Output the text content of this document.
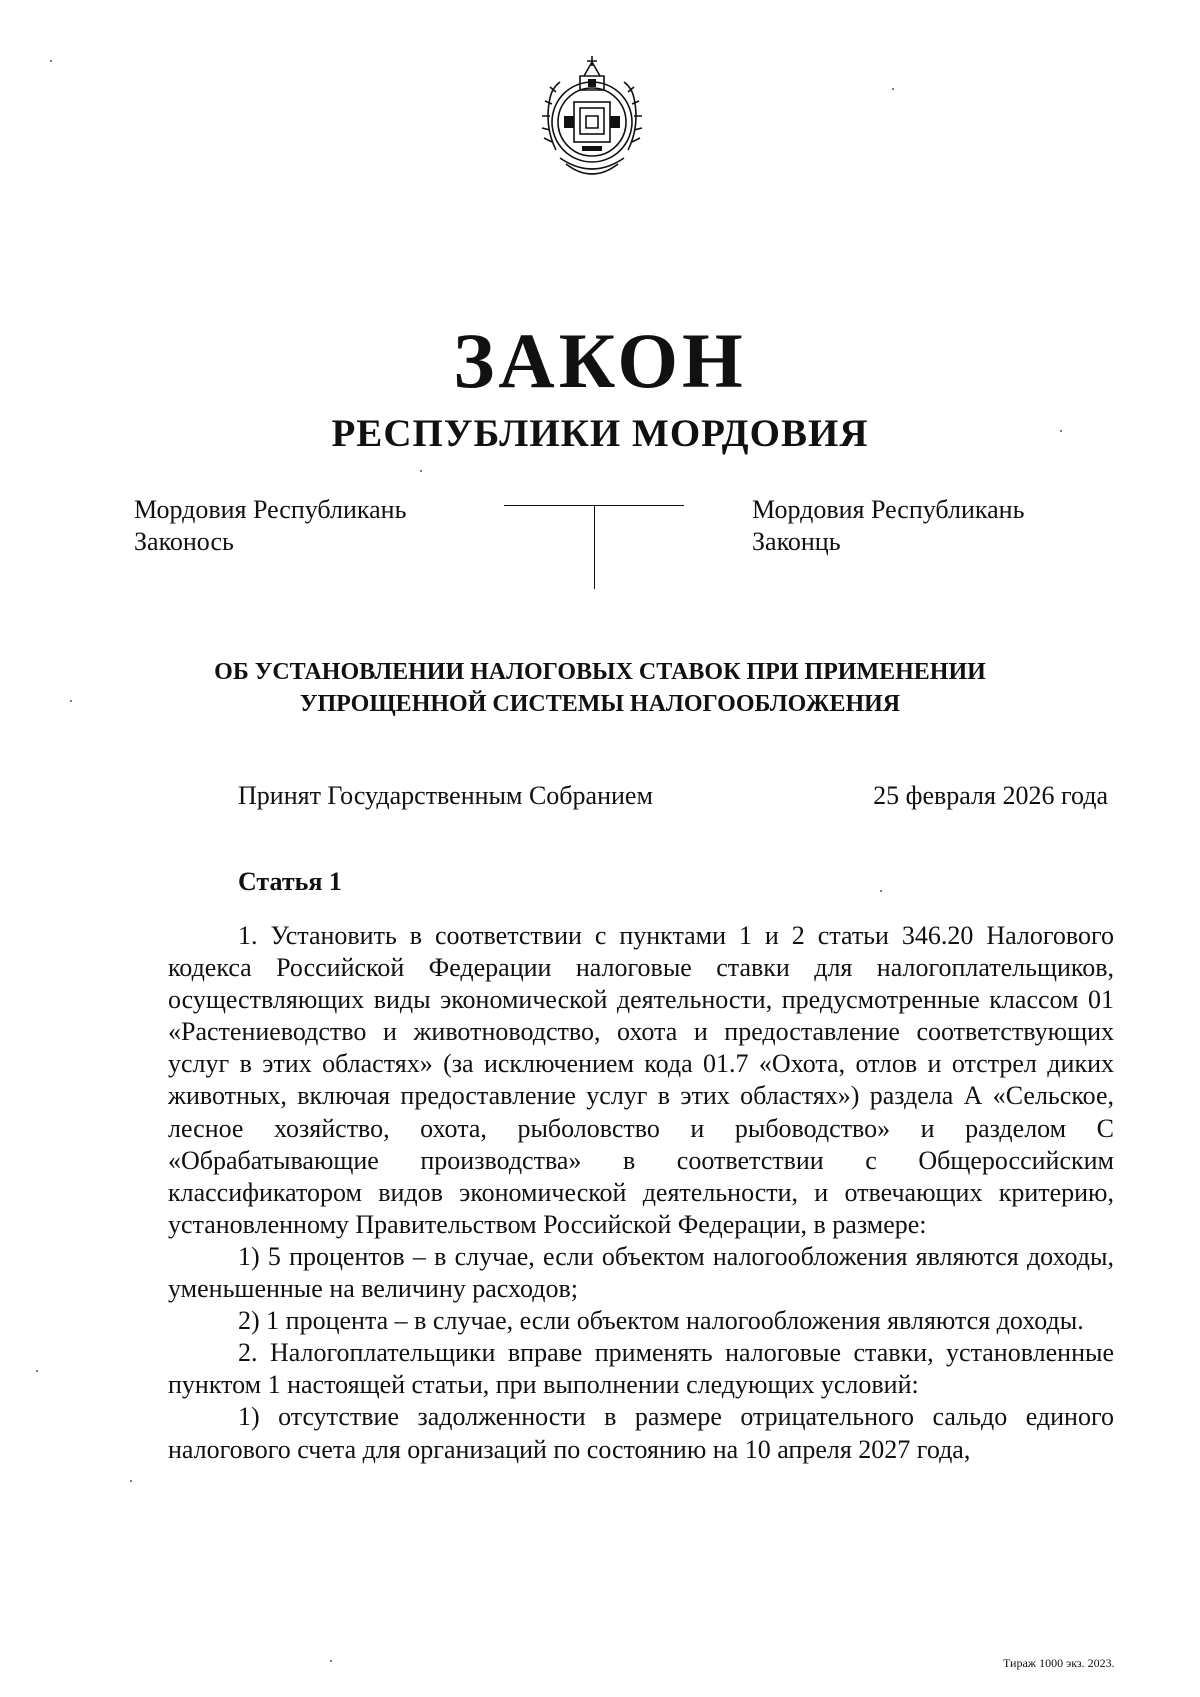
ЗАКОН
РЕСПУБЛИКИ МОРДОВИЯ
Мордовия Республикань
Законось
Мордовия Республикань
Законць
ОБ УСТАНОВЛЕНИИ НАЛОГОВЫХ СТАВОК ПРИ ПРИМЕНЕНИИ
УПРОЩЕННОЙ СИСТЕМЫ НАЛОГООБЛОЖЕНИЯ
Принят Государственным Собранием	25 февраля 2026 года
Статья 1

1. Установить в соответствии с пунктами 1 и 2 статьи 346.20 Налогового кодекса Российской Федерации налоговые ставки для налогоплательщиков, осуществляющих виды экономической деятельности, предусмотренные классом 01 «Растениеводство и животноводство, охота и предоставление соответствующих услуг в этих областях» (за исключением кода 01.7 «Охота, отлов и отстрел диких животных, включая предоставление услуг в этих областях») раздела А «Сельское, лесное хозяйство, охота, рыболовство и рыбоводство» и разделом С «Обрабатывающие производства» в соответствии с Общероссийским классификатором видов экономической деятельности, и отвечающих критерию, установленному Правительством Российской Федерации, в размере:

1) 5 процентов – в случае, если объектом налогообложения являются доходы, уменьшенные на величину расходов;

2) 1 процента – в случае, если объектом налогообложения являются доходы.

2. Налогоплательщики вправе применять налоговые ставки, установленные пунктом 1 настоящей статьи, при выполнении следующих условий:

1) отсутствие задолженности в размере отрицательного сальдо единого налогового счета для организаций по состоянию на 10 апреля 2027 года,

Тираж 1000 экз. 2023.
